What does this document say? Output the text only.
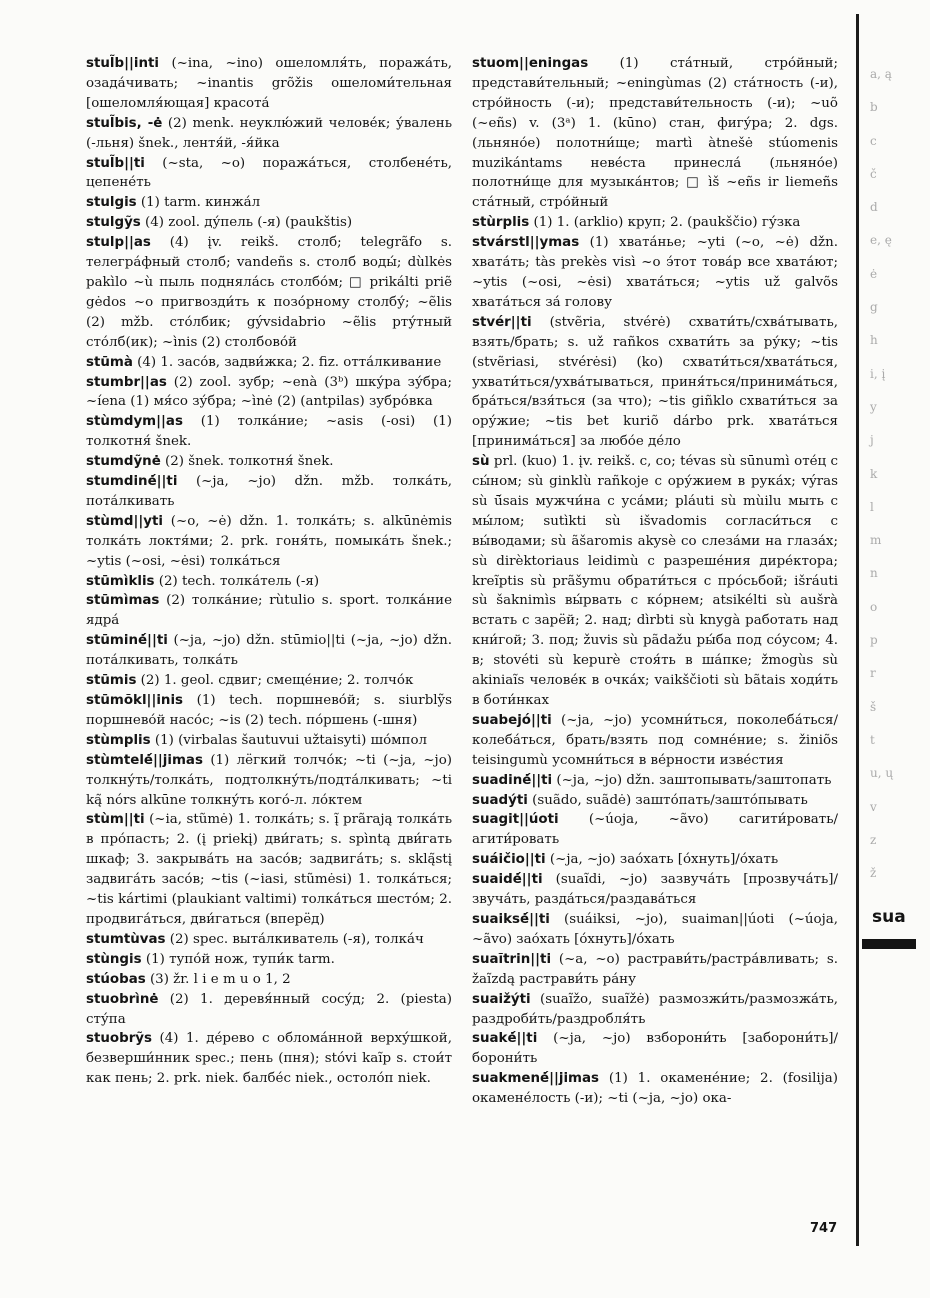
stul̃b||inti (~ina, ~ino) ошеломля́ть, поража́ть, озада́чивать; ~inantis grõžis ошеломи́тельная [ошеломля́ющая] красота́
stul̃bis, -ė (2) menk. неуклю́жий челове́к; у́валень (-льня) šnek., лентя́й, -я́йка
stul̃b||ti (~sta, ~o) поража́ться, столбене́ть, цепене́ть
stulgis (1) tarm. кинжа́л
stulgỹs (4) zool. ду́пель (-я) (paukštis)
stulp||as (4) įv. reikš. столб; telegrãfo s. телегра́фный столб; vandeñs s. столб воды́; dùlkės pakìlo ~ù пыль подняла́сь столбо́м; □ prikálti priẽ gėdos ~o пригвозди́ть к позо́рному столбу́; ~ẽlis (2) mžb. сто́лбик; gývsidabrio ~ẽlis рту́тный сто́лб(ик); ~ìnis (2) столбово́й
stūmà (4) 1. засо́в, задви́жка; 2. fiz. отта́лкивание
stumbr||as (2) zool. зубр; ~enà (3ᵇ) шку́ра зу́бра; ~íena (1) мя́со зу́бра; ~ìnė (2) (antpilas) зубро́вка
stùmdym||as (1) толка́ние; ~asis (-osi) (1) толкотня́ šnek.
stumdỹnė (2) šnek. толкотня́ šnek.
stumdinė́||ti (~ja, ~jo) džn. mžb. толка́ть, пота́лкивать
stùmd||yti (~o, ~ė) džn. 1. толка́ть; s. alkūnėmis толка́ть локтя́ми; 2. prk. гоня́ть, помыка́ть šnek.; ~ytis (~osi, ~ėsi) толка́ться
stūmìklis (2) tech. толка́тель (-я)
stūmìmas (2) толка́ние; rùtulio s. sport. толка́ние ядра́
stūminė́||ti (~ja, ~jo) džn. stūmio||ti (~ja, ~jo) džn. пота́лкивать, толка́ть
stūmis (2) 1. geol. сдвиг; смеще́ние; 2. толчо́к
stūmõkl||inis (1) tech. поршнево́й; s. siurblỹs поршнево́й насо́с; ~is (2) tech. по́ршень (-шня)
stùmplis (1) (virbalas šautuvui užtaisyti) шо́мпол
stùmtelė́||jimas (1) лёгкий толчо́к; ~ti (~ja, ~jo) толкну́ть/толка́ть, подтолкну́ть/подта́лкивать; ~ti ką̃ nórs alkūne толкну́ть кого́-л. ло́ктем
stùm||ti (~ia, stũmė) 1. толка́ть; s. į̃ prãrają толка́ть в про́пасть; 2. (į priekį) дви́гать; s. spìntą дви́гать шкаф; 3. закрыва́ть на засо́в; задвига́ть; s. sklą̃stį задвига́ть засо́в; ~tis (~iasi, stũmėsi) 1. толка́ться; ~tis kártimi (plaukiant valtimi) толка́ться шесто́м; 2. продвига́ться, дви́гаться (вперёд)
stumtùvas (2) spec. выта́лкиватель (-я), толка́ч
stùngis (1) тупо́й нож, тупи́к tarm.
stúobas (3) žr. l i e m u o 1, 2
stuobrìnė (2) 1. деревя́нный сосу́д; 2. (piesta) сту́па
stuobrỹs (4) 1. де́рево с облома́нной верху́шкой, безверши́нник spec.; пень (пня); stóvi kaĩp s. стои́т как пень; 2. prk. niek. балбе́с niek., остоло́п niek.
stuom||eningas (1) ста́тный, стро́йный; представи́тельный; ~eningùmas (2) ста́тность (-и), стро́йность (-и); представи́тельность (-и); ~uõ (~eñs) v. (3ᵃ) 1. (kūno) стан, фигу́ра; 2. dgs. (льняно́е) полотни́ще; martì àtnešė stúomenis muzikántams неве́ста принесла́ (льняно́е) полотни́ще для музыка́нтов; □ ìš ~eñs ir liemeñs ста́тный, стро́йный
stùrplis (1) 1. (arklio) круп; 2. (paukščio) гу́зка
stvárstl||ymas (1) хвата́нье; ~yti (~o, ~ė) džn. хвата́ть; tàs prekès visì ~o э́тот това́р все хвата́ют; ~ytis (~osi, ~ėsi) хвата́ться; ~ytis už galvõs хвата́ться за́ голову
stvér||ti (stvẽria, stvérė) схвати́ть/схва́тывать, взять/брать; s. už rañkos схвати́ть за ру́ку; ~tis (stvẽriasi, stvérėsi) (ko) схвати́ться/хвата́ться, ухвати́ться/ухва́тываться, приня́ться/принима́ться, бра́ться/взя́ться (за что); ~tis giñklo схвати́ться за ору́жие; ~tis bet kuriõ dárbo prk. хвата́ться [принима́ться] за любо́е де́ло
sù prl. (kuo) 1. įv. reikš. с, со; tévas sù sūnumì оте́ц с сы́ном; sù ginklù rañkoje с ору́жием в рука́х; výras sù ū́sais мужчи́на с уса́ми; pláuti sù mùilu мыть с мы́лом; sutìkti sù išvadomis согласи́ться с вы́водами; sù ãšaromis akysè со слеза́ми на глаза́х; sù dirèktoriaus leidimù с разреше́ния дире́ктора; kreĩptis sù prãšymu обрати́ться с про́сьбой; išráuti sù šaknimìs вы́рвать с ко́рнем; atsikélti sù aušrà встать с зарёй; 2. над; dìrbti sù knygà работать над кни́гой; 3. под; žuvis sù pãdažu ры́ба под со́усом; 4. в; stovéti sù kepurè стоя́ть в ша́пке; žmogùs sù akiniaĩs челове́к в очка́х; vaikščioti sù bãtais ходи́ть в боти́нках
suabejó||ti (~ja, ~jo) усомни́ться, поколеба́ться/колеба́ться, брать/взять под сомне́ние; s. žiniõs teisingumù усомни́ться в ве́рности изве́стия
suadinė́||ti (~ja, ~jo) džn. заштопывать/заштопать
suadýti (suãdo, suãdė) зашто́пать/зашто́пывать
suagit||úoti (~úoja, ~ãvo) сагити́ровать/агити́ровать
suáičio||ti (~ja, ~jo) зао́хать [о́хнуть]/о́хать
suaidė́||ti (suaĩdi, ~jo) зазвуча́ть [прозвуча́ть]/звуча́ть, разда́ться/раздава́ться
suaiksė́||ti (suáiksi, ~jo), suaiman||úoti (~úoja, ~ãvo) зао́хать [о́хнуть]/о́хать
suaĩtrin||ti (~a, ~o) раcтрави́ть/растра́вливать; s. žaĩzdą растрави́ть ра́ну
suaižýti (suaĩžo, suaĩžė) размозжи́ть/размозжа́ть, раздроби́ть/раздробля́ть
suakė́||ti (~ja, ~jo) взборони́ть [заборони́ть]/борони́ть
suakmenė́||jimas (1) 1. окамене́ние; 2. (fosilija) окамене́лость (-и); ~ti (~ja, ~jo) ока-
a, ą
b
c
č
d
e, ę
ė
g
h
i, į
y
j
k
l
m
n
o
p
r
š
t
u, ų
v
z
ž
sua
747
